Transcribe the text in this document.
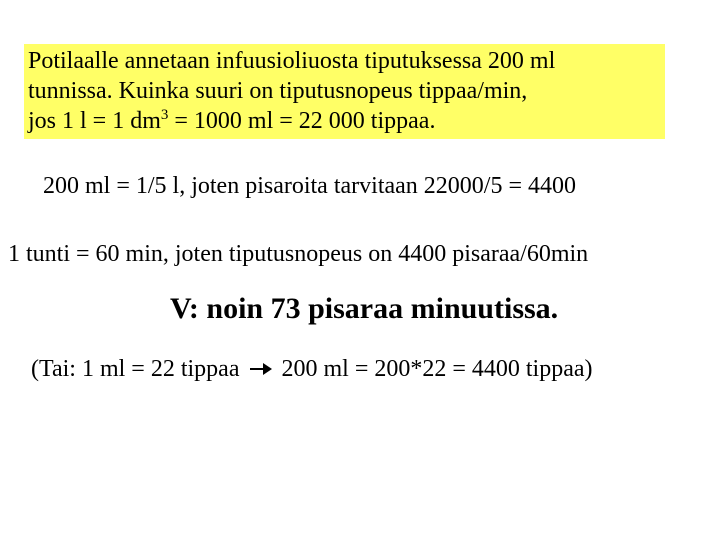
Potilaalle annetaan infuusioliuosta tiputuksessa 200 ml
tunnissa. Kuinka suuri on tiputusnopeus tippaa/min,
jos 1 l = 1 $dm^3 = 1000$ ml = 22 000 tippaa.
200 ml = 1/5 l, joten pisaroita tarvitaan 22000/5 = 4400
1 tunti = 60 min, joten tiputusnopeus on 4400 pisaraa/60min
V: noin 73 pisaraa minuutissa.
(Tai: 1 ml = 22 tippaa 200 ml = 200*22 = 4400 tippaa)
